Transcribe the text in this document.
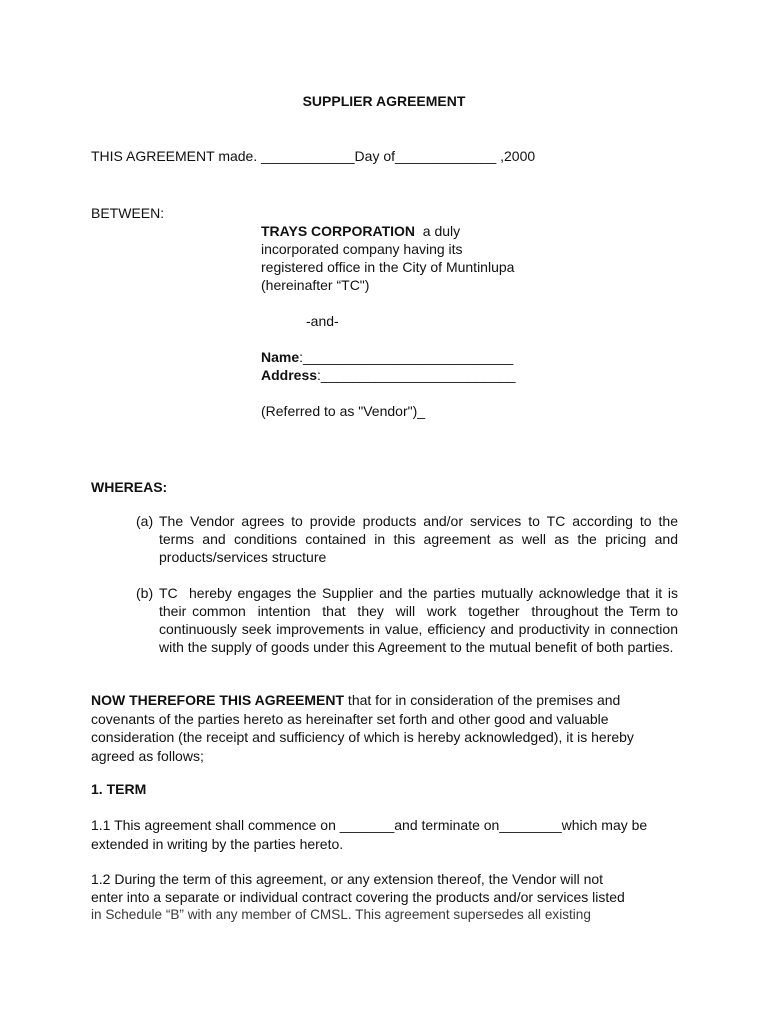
SUPPLIER AGREEMENT
THIS AGREEMENT made. ____________Day of_____________ ,2000
BETWEEN:
TRAYS CORPORATION  a duly
incorporated company having its
registered office in the City of Muntinlupa
(hereinafter “TC")
-and-
Name:___________________________
Address:_________________________
(Referred to as "Vendor")_
WHEREAS:
(a) The Vendor agrees to provide products and/or services to TC according to the terms and conditions contained in this agreement as well as the pricing and products/services structure
(b) TC  hereby engages the Supplier and the parties mutually acknowledge that it is their common  intention  that  they  will  work  together  throughout the Term to continuously seek improvements in value, efficiency and productivity in connection with the supply of goods under this Agreement to the mutual benefit of both parties.
NOW THEREFORE THIS AGREEMENT that for in consideration of the premises and covenants of the parties hereto as hereinafter set forth and other good and valuable consideration (the receipt and sufficiency of which is hereby acknowledged), it is hereby agreed as follows;
1. TERM
1.1 This agreement shall commence on _______and terminate on________which may be extended in writing by the parties hereto.
1.2 During the term of this agreement, or any extension thereof, the Vendor will not
enter into a separate or individual contract covering the products and/or services listed
in Schedule “B” with any member of CMSL. This agreement supersedes all existing
